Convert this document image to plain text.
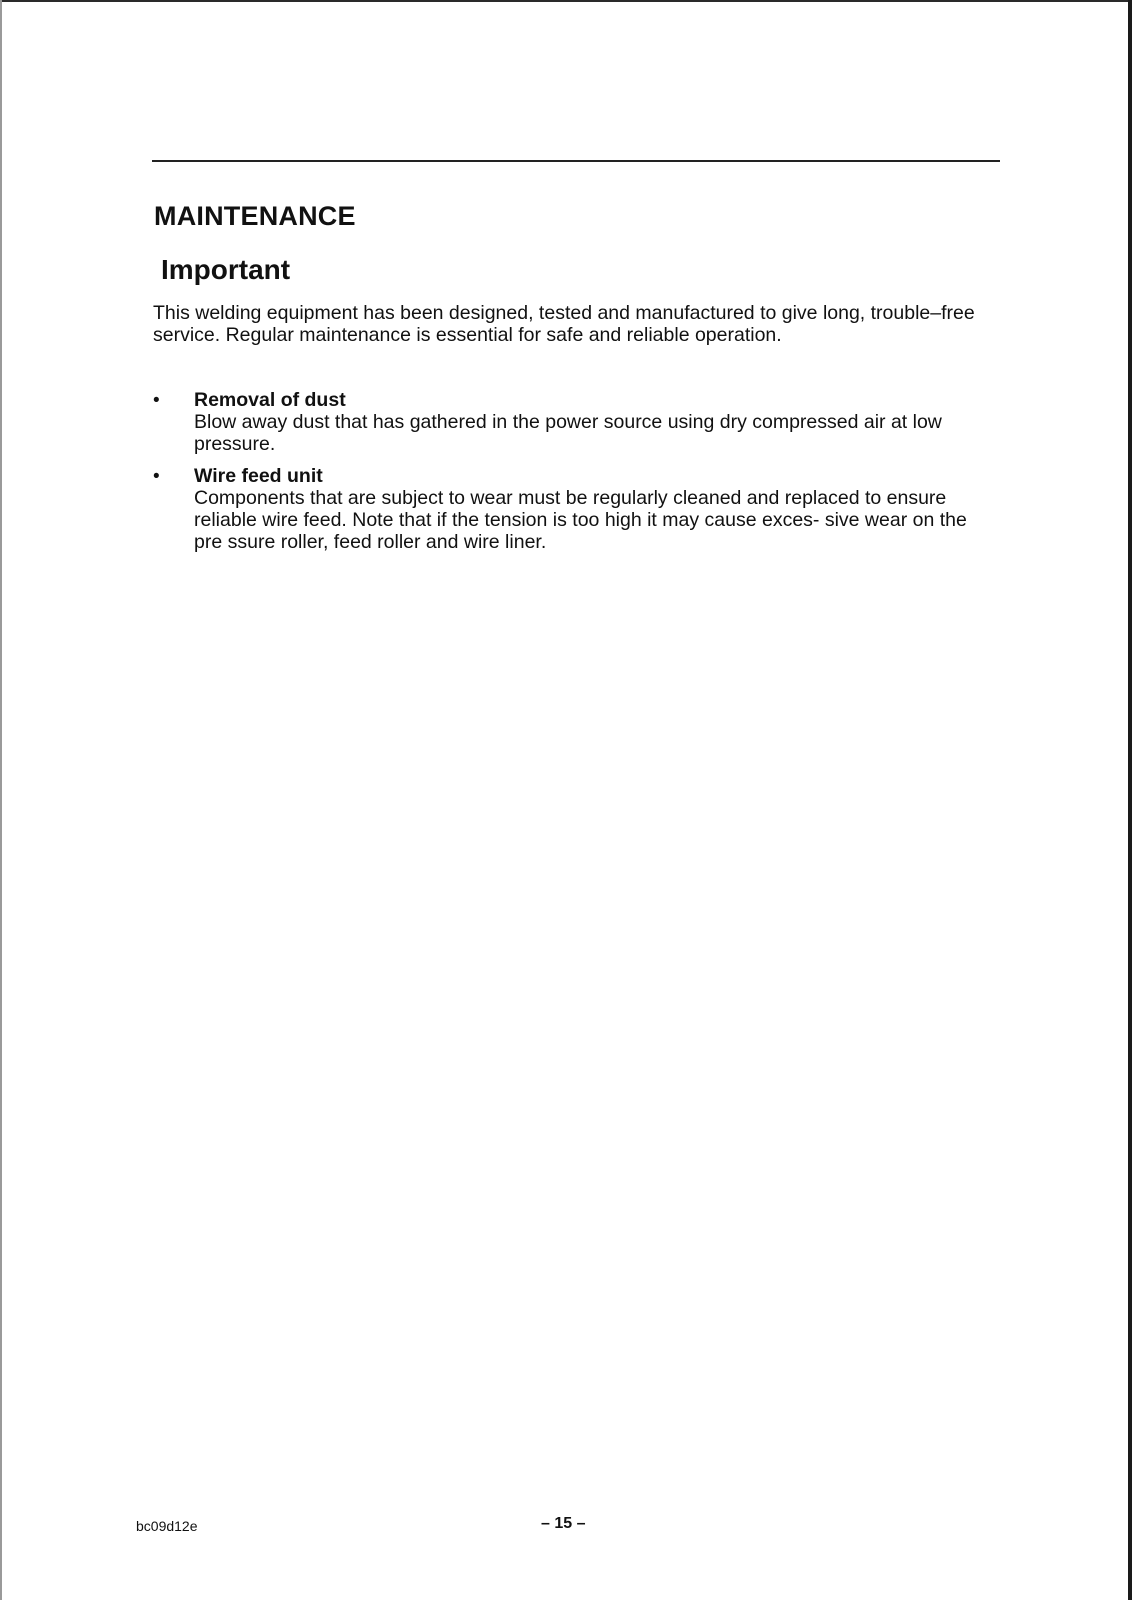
MAINTENANCE
Important

This welding equipment has been designed, tested and manufactured to give long, trouble–free service. Regular maintenance is essential for safe and reliable operation.

• Removal of dust
Blow away dust that has gathered in the power source using dry compressed air at low pressure.
• Wire feed unit
Components that are subject to wear must be regularly cleaned and replaced to ensure reliable wire feed. Note that if the tension is too high it may cause exces- sive wear on the pre ssure roller, feed roller and wire liner.
bc09d12e	– 15 –
